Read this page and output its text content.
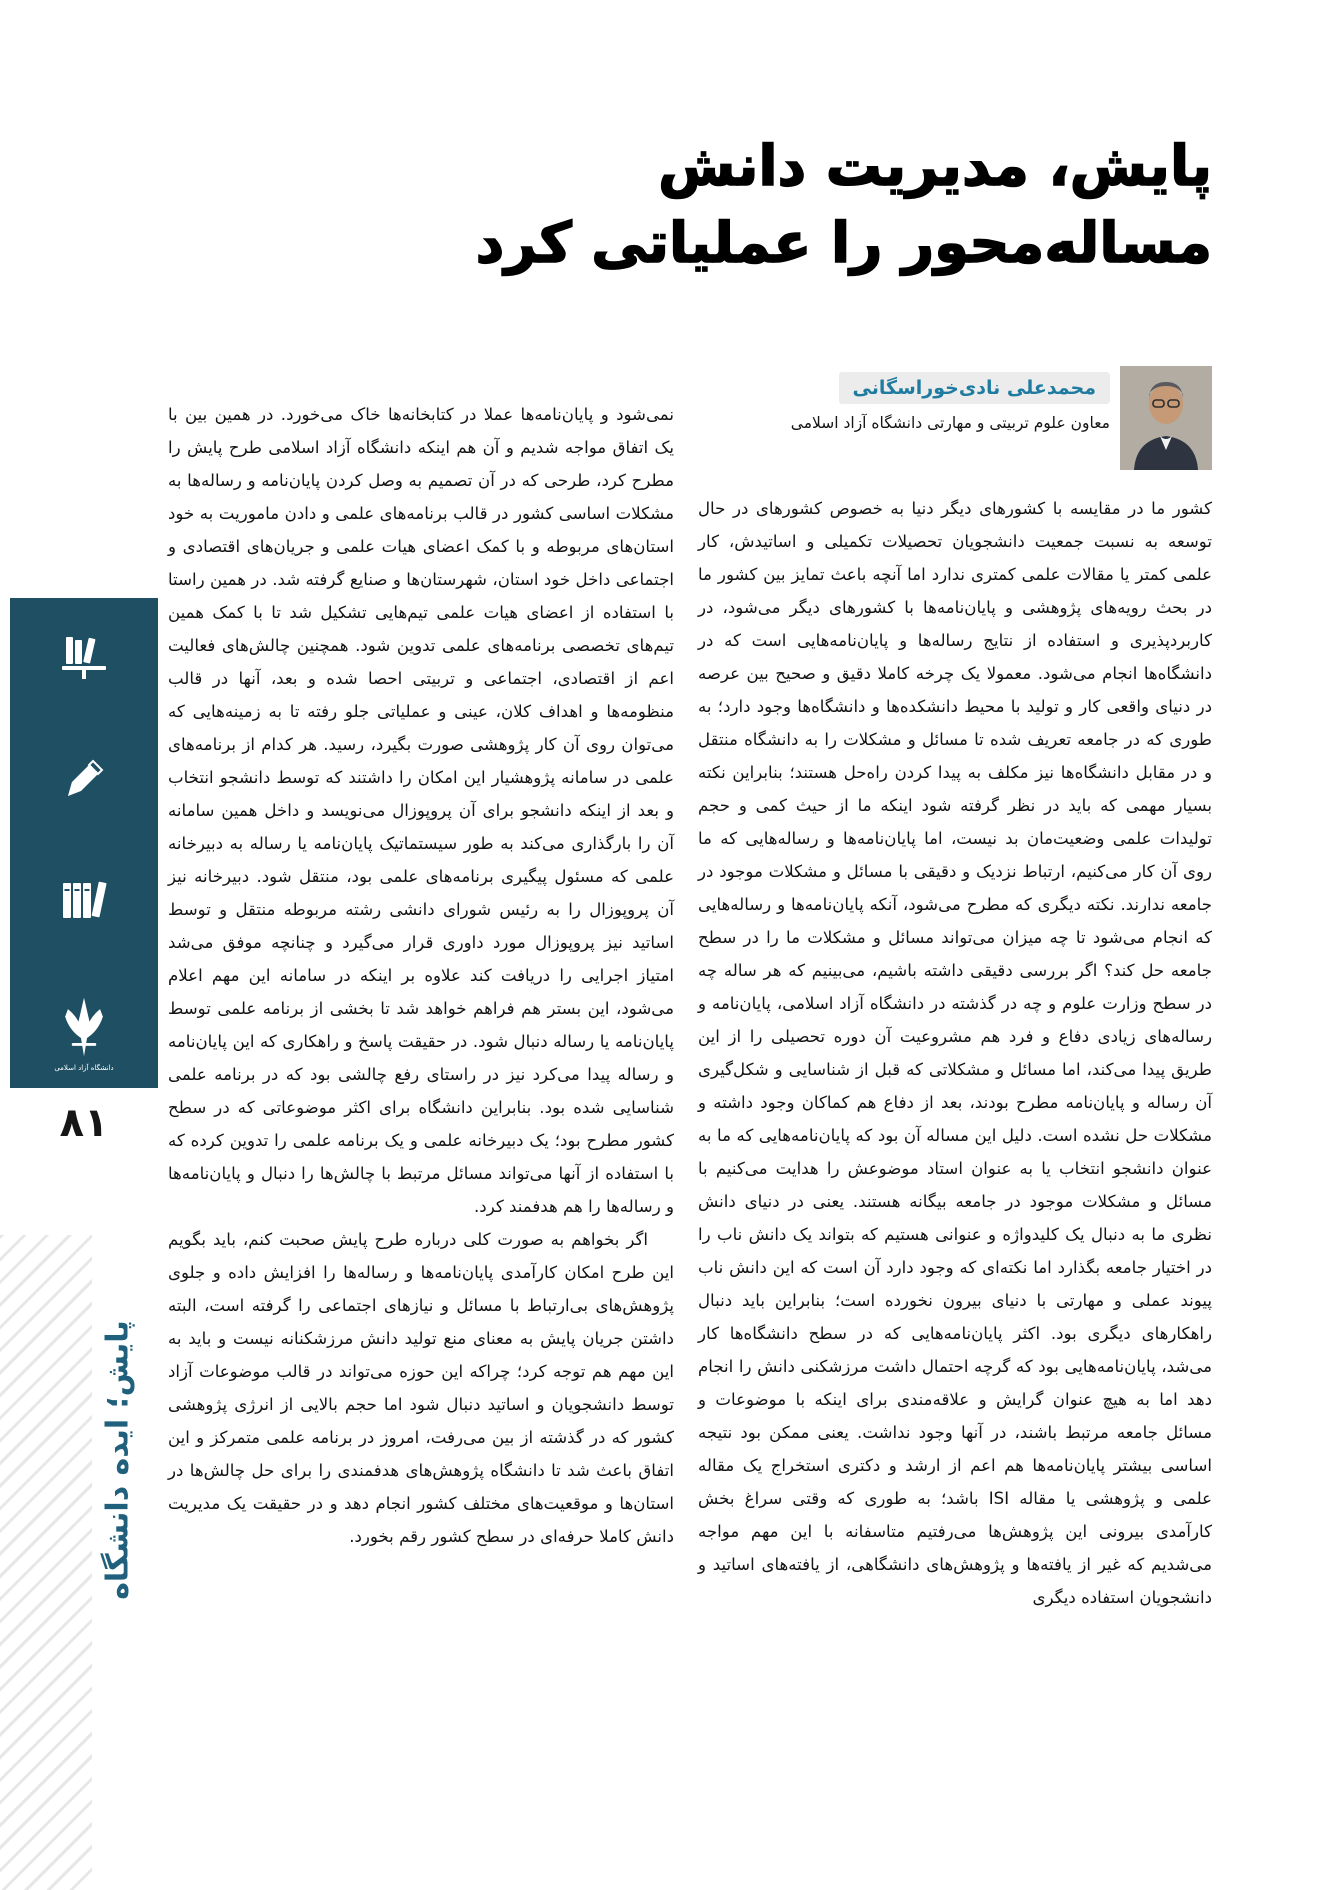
پایش، مدیریت دانش
مساله‌محور را عملیاتی کرد
محمدعلی نادی‌خوراسگانی
معاون علوم تربیتی و مهارتی دانشگاه آزاد اسلامی

کشور ما در مقایسه با کشورهای دیگر دنیا به خصوص کشورهای در حال توسعه به نسبت جمعیت دانشجویان تحصیلات تکمیلی و اساتیدش، کار علمی کمتر یا مقالات علمی کمتری ندارد اما آنچه باعث تمایز بین کشور ما در بحث رویه‌های پژوهشی و پایان‌نامه‌ها با کشورهای دیگر می‌شود، در کاربردپذیری و استفاده از نتایج رساله‌ها و پایان‌نامه‌هایی است که در دانشگاه‌ها انجام می‌شود. معمولا یک چرخه کاملا دقیق و صحیح بین عرصه در دنیای واقعی کار و تولید با محیط دانشکده‌ها و دانشگاه‌ها وجود دارد؛ به طوری که در جامعه تعریف شده تا مسائل و مشکلات را به دانشگاه منتقل و در مقابل دانشگاه‌ها نیز مکلف به پیدا کردن راه‌حل هستند؛ بنابراین نکته بسیار مهمی که باید در نظر گرفته شود اینکه ما از حیث کمی و حجم تولیدات علمی وضعیت‌مان بد نیست، اما پایان‌نامه‌ها و رساله‌هایی که ما روی آن کار می‌کنیم، ارتباط نزدیک و دقیقی با مسائل و مشکلات موجود در جامعه ندارند. نکته دیگری که مطرح می‌شود، آنکه پایان‌نامه‌ها و رساله‌هایی که انجام می‌شود تا چه میزان می‌تواند مسائل و مشکلات ما را در سطح جامعه حل کند؟ اگر بررسی دقیقی داشته باشیم، می‌بینیم که هر ساله چه در سطح وزارت علوم و چه در گذشته در دانشگاه آزاد اسلامی، پایان‌نامه و رساله‌های زیادی دفاع و فرد هم مشروعیت آن دوره تحصیلی را از این طریق پیدا می‌کند، اما مسائل و مشکلاتی که قبل از شناسایی و شکل‌گیری آن رساله و پایان‌نامه مطرح بودند، بعد از دفاع هم کماکان وجود داشته و مشکلات حل نشده است. دلیل این مساله آن بود که پایان‌نامه‌هایی که ما به عنوان دانشجو انتخاب یا به عنوان استاد موضوعش را هدایت می‌کنیم با مسائل و مشکلات موجود در جامعه بیگانه هستند. یعنی در دنیای دانش نظری ما به دنبال یک کلیدواژه و عنوانی هستیم که بتواند یک دانش ناب را در اختیار جامعه بگذارد اما نکته‌ای که وجود دارد آن است که این دانش ناب پیوند عملی و مهارتی با دنیای بیرون نخورده است؛ بنابراین باید دنبال راهکارهای دیگری بود. اکثر پایان‌نامه‌هایی که در سطح دانشگاه‌ها کار می‌شد، پایان‌نامه‌هایی بود که گرچه احتمال داشت مرزشکنی دانش را انجام دهد اما به هیچ عنوان گرایش و علاقه‌مندی برای اینکه با موضوعات و مسائل جامعه مرتبط باشند، در آنها وجود نداشت. یعنی ممکن بود نتیجه اساسی بیشتر پایان‌نامه‌ها هم اعم از ارشد و دکتری استخراج یک مقاله علمی و پژوهشی یا مقاله ISI باشد؛ به طوری که وقتی سراغ بخش کارآمدی بیرونی این پژوهش‌ها می‌رفتیم متاسفانه با این مهم مواجه می‌شدیم که غیر از یافته‌ها و پژوهش‌های دانشگاهی، از یافته‌های اساتید و دانشجویان استفاده دیگری

نمی‌شود و پایان‌نامه‌ها عملا در کتابخانه‌ها خاک می‌خورد. در همین بین با یک اتفاق مواجه شدیم و آن هم اینکه دانشگاه آزاد اسلامی طرح پایش را مطرح کرد، طرحی که در آن تصمیم به وصل کردن پایان‌نامه و رساله‌ها به مشکلات اساسی کشور در قالب برنامه‌های علمی و دادن ماموریت به خود استان‌های مربوطه و با کمک اعضای هیات علمی و جریان‌های اقتصادی و اجتماعی داخل خود استان، شهرستان‌ها و صنایع گرفته شد. در همین راستا با استفاده از اعضای هیات علمی تیم‌هایی تشکیل شد تا با کمک همین تیم‌های تخصصی برنامه‌های علمی تدوین شود. همچنین چالش‌های فعالیت اعم از اقتصادی، اجتماعی و تربیتی احصا شده و بعد، آنها در قالب منظومه‌ها و اهداف کلان، عینی و عملیاتی جلو رفته تا به زمینه‌هایی که می‌توان روی آن کار پژوهشی صورت بگیرد، رسید. هر کدام از برنامه‌های علمی در سامانه پژوهشیار این امکان را داشتند که توسط دانشجو انتخاب و بعد از اینکه دانشجو برای آن پروپوزال می‌نویسد و داخل همین سامانه آن را بارگذاری می‌کند به طور سیستماتیک پایان‌نامه یا رساله به دبیرخانه علمی که مسئول پیگیری برنامه‌های علمی بود، منتقل شود. دبیرخانه نیز آن پروپوزال را به رئیس شورای دانشی رشته مربوطه منتقل و توسط اساتید نیز پروپوزال مورد داوری قرار می‌گیرد و چنانچه موفق می‌شد امتیاز اجرایی را دریافت کند علاوه بر اینکه در سامانه این مهم اعلام می‌شود، این بستر هم فراهم خواهد شد تا بخشی از برنامه علمی توسط پایان‌نامه یا رساله دنبال شود. در حقیقت پاسخ و راهکاری که این پایان‌نامه و رساله پیدا می‌کرد نیز در راستای رفع چالشی بود که در برنامه علمی شناسایی شده بود. بنابراین دانشگاه برای اکثر موضوعاتی که در سطح کشور مطرح بود؛ یک دبیرخانه علمی و یک برنامه علمی را تدوین کرده که با استفاده از آنها می‌تواند مسائل مرتبط با چالش‌ها را دنبال و پایان‌نامه‌ها و رساله‌ها را هم هدفمند کرد.

اگر بخواهم به صورت کلی درباره طرح پایش صحبت کنم، باید بگویم این طرح امکان کارآمدی پایان‌نامه‌ها و رساله‌ها را افزایش داده و جلوی پژوهش‌های بی‌ارتباط با مسائل و نیازهای اجتماعی را گرفته است، البته داشتن جریان پایش به معنای منع تولید دانش مرزشکنانه نیست و باید به این مهم هم توجه کرد؛ چراکه این حوزه می‌تواند در قالب موضوعات آزاد توسط دانشجویان و اساتید دنبال شود اما حجم بالایی از انرژی پژوهشی کشور که در گذشته از بین می‌رفت، امروز در برنامه علمی متمرکز و این اتفاق باعث شد تا دانشگاه پژوهش‌های هدفمندی را برای حل چالش‌ها در استان‌ها و موقعیت‌های مختلف کشور انجام دهد و در حقیقت یک مدیریت دانش کاملا حرفه‌ای در سطح کشور رقم بخورد.

دانشگاه آزاد اسلامی
۸۱
پایش؛ ایده دانشگاه
